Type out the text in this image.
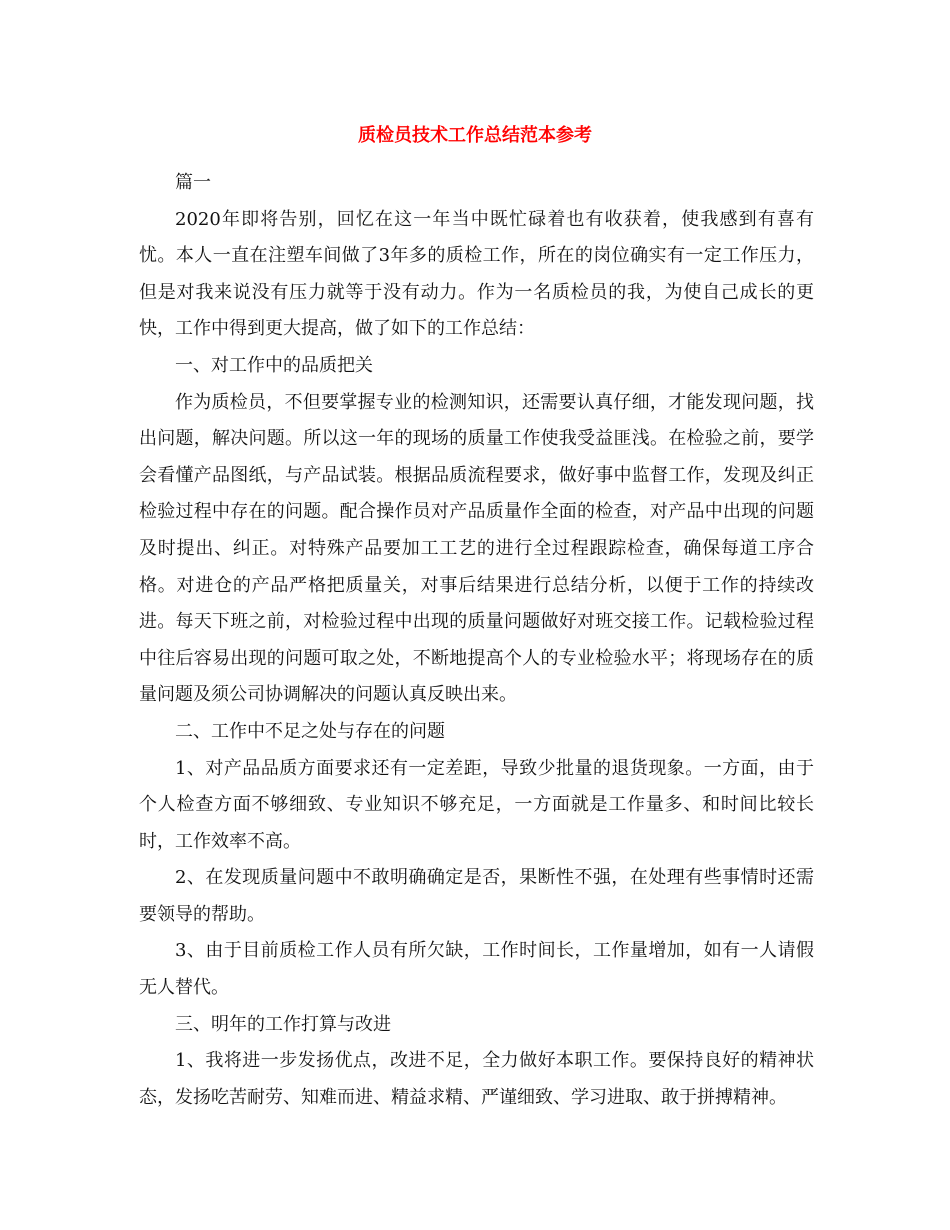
质检员技术工作总结范本参考

篇一

2020年即将告别，回忆在这一年当中既忙碌着也有收获着，使我感到有喜有忧。本人一直在注塑车间做了3年多的质检工作，所在的岗位确实有一定工作压力，但是对我来说没有压力就等于没有动力。作为一名质检员的我，为使自己成长的更快，工作中得到更大提高，做了如下的工作总结：

一、对工作中的品质把关

作为质检员，不但要掌握专业的检测知识，还需要认真仔细，才能发现问题，找出问题，解决问题。所以这一年的现场的质量工作使我受益匪浅。在检验之前，要学会看懂产品图纸，与产品试装。根据品质流程要求，做好事中监督工作，发现及纠正检验过程中存在的问题。配合操作员对产品质量作全面的检查，对产品中出现的问题及时提出、纠正。对特殊产品要加工工艺的进行全过程跟踪检查，确保每道工序合格。对进仓的产品严格把质量关，对事后结果进行总结分析，以便于工作的持续改进。每天下班之前，对检验过程中出现的质量问题做好对班交接工作。记载检验过程中往后容易出现的问题可取之处，不断地提高个人的专业检验水平；将现场存在的质量问题及须公司协调解决的问题认真反映出来。

二、工作中不足之处与存在的问题

1、对产品品质方面要求还有一定差距，导致少批量的退货现象。一方面，由于个人检查方面不够细致、专业知识不够充足，一方面就是工作量多、和时间比较长时，工作效率不高。

2、在发现质量问题中不敢明确确定是否，果断性不强，在处理有些事情时还需要领导的帮助。

3、由于目前质检工作人员有所欠缺，工作时间长，工作量增加，如有一人请假无人替代。

三、明年的工作打算与改进

1、我将进一步发扬优点，改进不足，全力做好本职工作。要保持良好的精神状态，发扬吃苦耐劳、知难而进、精益求精、严谨细致、学习进取、敢于拼搏精神。
